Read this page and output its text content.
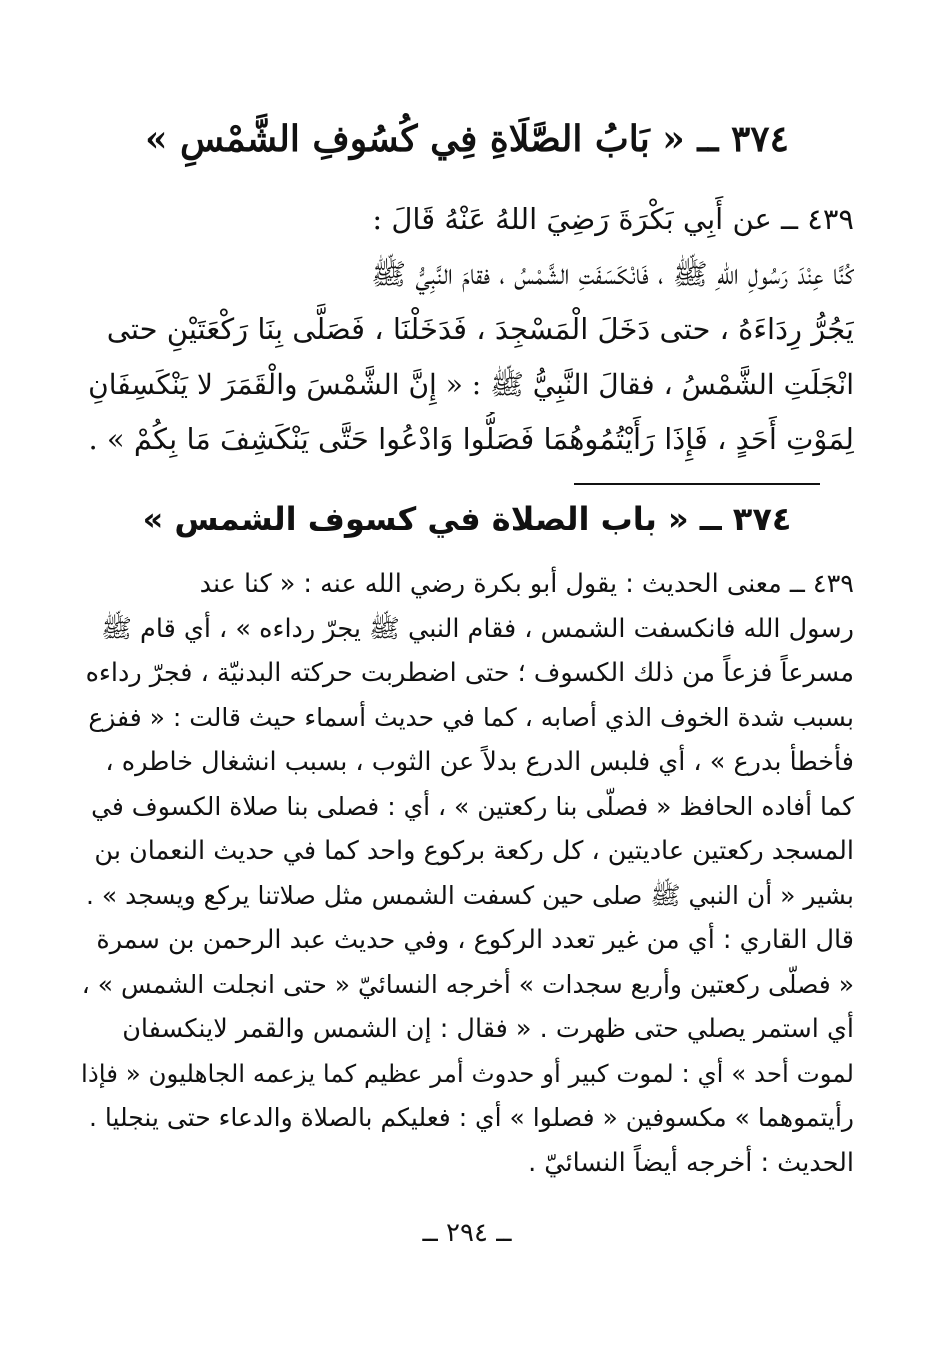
٣٧٤ ــ « بَابُ الصَّلَاةِ فِي كُسُوفِ الشَّمْسِ »
٤٣٩ ــ عن أَبِي بَكْرَةَ رَضِيَ اللهُ عَنْهُ قَالَ :
كُنَّا عِنْدَ رَسُولِ اللهِ ﷺ ، فَانْكَسَفَتِ الشَّمْسُ ، فقامَ النَّبِيُّ ﷺ
يَجُرُّ رِدَاءَهُ ، حتى دَخَلَ الْمَسْجِدَ ، فَدَخَلْنَا ، فَصَلَّى بِنَا رَكْعَتَيْنِ حتى
انْجَلَتِ الشَّمْسُ ، فقالَ النَّبِيُّ ﷺ : « إِنَّ الشَّمْسَ والْقَمَرَ لا يَنْكَسِفَانِ
لِمَوْتِ أَحَدٍ ، فَإِذَا رَأَيْتُمُوهُمَا فَصَلُّوا وَادْعُوا حَتَّى يَنْكَشِفَ مَا بِكُمْ » .
٣٧٤ ــ « باب الصلاة في كسوف الشمس »
٤٣٩ ــ معنى الحديث : يقول أبو بكرة رضي الله عنه : « كنا عند
رسول الله فانكسفت الشمس ، فقام النبي ﷺ يجرّ رداءه » ، أي قام ﷺ
مسرعاً فزعاً من ذلك الكسوف ؛ حتى اضطربت حركته البدنيّة ، فجرّ رداءه
بسبب شدة الخوف الذي أصابه ، كما في حديث أسماء حيث قالت : « ففزع
فأخطأ بدرع » ، أي فلبس الدرع بدلاً عن الثوب ، بسبب انشغال خاطره ،
كما أفاده الحافظ « فصلّى بنا ركعتين » ، أي : فصلى بنا صلاة الكسوف في
المسجد ركعتين عاديتين ، كل ركعة بركوع واحد كما في حديث النعمان بن
بشير « أن النبي ﷺ صلى حين كسفت الشمس مثل صلاتنا يركع ويسجد » .
قال القاري : أي من غير تعدد الركوع ، وفي حديث عبد الرحمن بن سمرة
« فصلّى ركعتين وأربع سجدات » أخرجه النسائيّ « حتى انجلت الشمس » ،
أي استمر يصلي حتى ظهرت . « فقال : إن الشمس والقمر لاينكسفان
لموت أحد » أي : لموت كبير أو حدوث أمر عظيم كما يزعمه الجاهليون « فإذا
رأيتموهما » مكسوفين « فصلوا » أي : فعليكم بالصلاة والدعاء حتى ينجليا .
الحديث : أخرجه أيضاً النسائيّ .
ــ ٢٩٤ ــ
